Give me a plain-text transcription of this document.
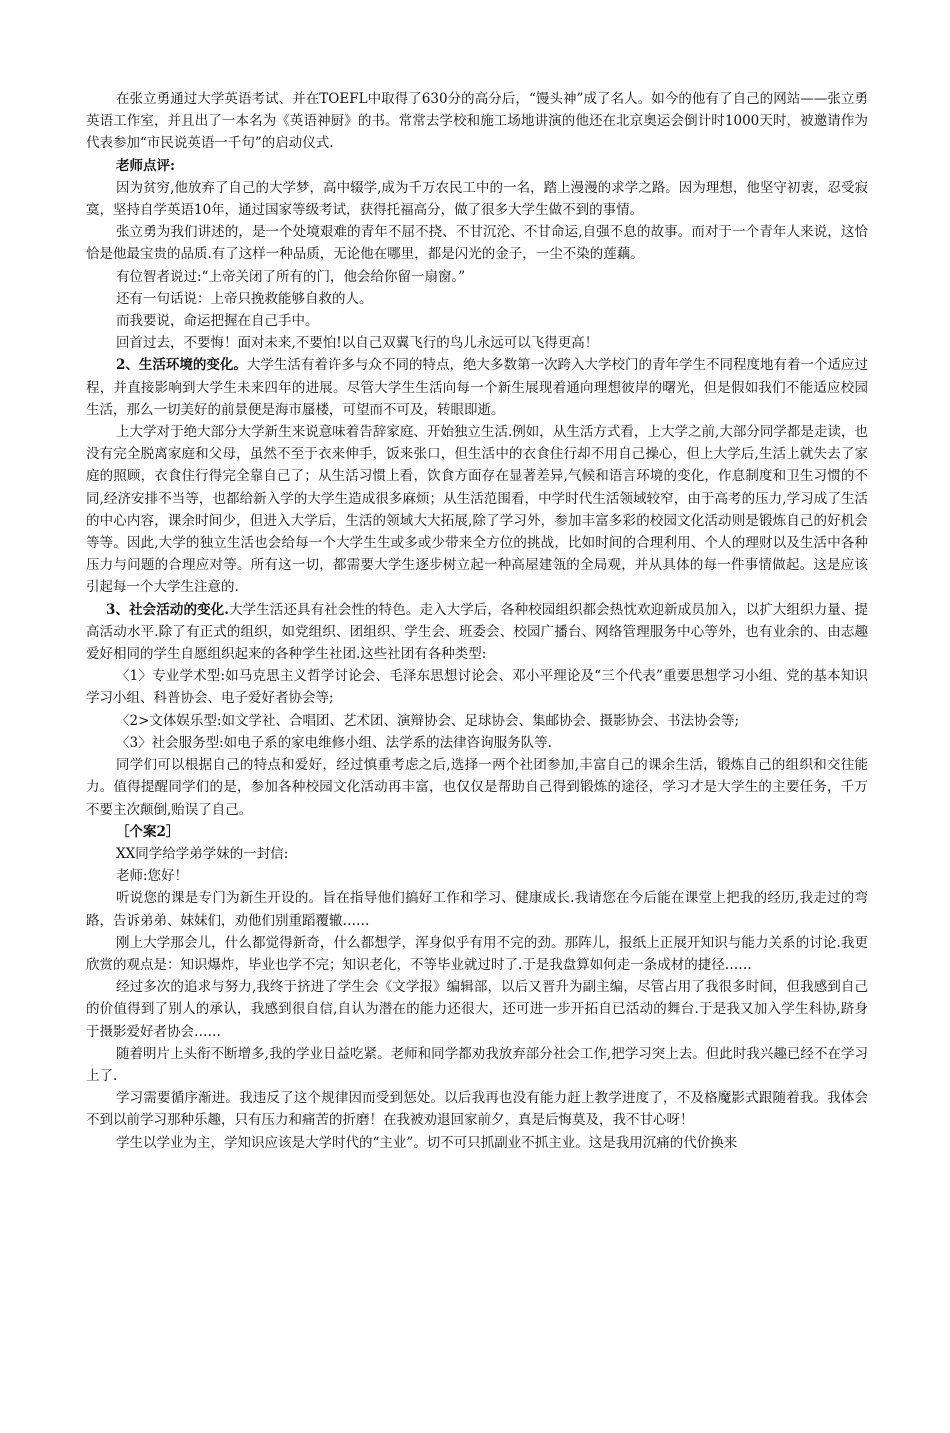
在张立勇通过大学英语考试、并在TOEFL中取得了630分的高分后，“馒头神”成了名人。如今的他有了自己的网站——张立勇英语工作室，并且出了一本名为《英语神厨》的书。常常去学校和施工场地讲演的他还在北京奥运会倒计时1000天时，被邀请作为代表参加“市民说英语一千句”的启动仪式.

老师点评:

因为贫穷,他放弃了自己的大学梦，高中辍学,成为千万农民工中的一名，踏上漫漫的求学之路。因为理想，他坚守初衷，忍受寂寞，坚持自学英语10年，通过国家等级考试，获得托福高分，做了很多大学生做不到的事情。

张立勇为我们讲述的，是一个处境艰难的青年不屈不挠、不甘沉沦、不甘命运,自强不息的故事。而对于一个青年人来说，这恰恰是他最宝贵的品质.有了这样一种品质，无论他在哪里，都是闪光的金子，一尘不染的莲藕。

有位智者说过:“上帝关闭了所有的门，他会给你留一扇窗。”

还有一句话说：上帝只挽救能够自救的人。

而我要说，命运把握在自己手中。

回首过去，不要悔！面对未来,不要怕!以自己双翼飞行的鸟儿永远可以飞得更高！

2、生活环境的变化。大学生活有着许多与众不同的特点，绝大多数第一次跨入大学校门的青年学生不同程度地有着一个适应过程，并直接影响到大学生未来四年的进展。尽管大学生生活向每一个新生展现着通向理想彼岸的曙光，但是假如我们不能适应校园生活，那么一切美好的前景便是海市蜃楼，可望而不可及，转眼即逝。

上大学对于绝大部分大学新生来说意味着告辞家庭、开始独立生活.例如，从生活方式看，上大学之前,大部分同学都是走读，也没有完全脱离家庭和父母，虽然不至于衣来伸手，饭来张口，但生活中的衣食住行却不用自己操心，但上大学后,生活上就失去了家庭的照顾，衣食住行得完全靠自己了；从生活习惯上看，饮食方面存在显著差异,气候和语言环境的变化，作息制度和卫生习惯的不同,经济安排不当等，也都给新入学的大学生造成很多麻烦；从生活范围看，中学时代生活领域较窄，由于高考的压力,学习成了生活的中心内容，课余时间少，但进入大学后，生活的领域大大拓展,除了学习外，参加丰富多彩的校园文化活动则是锻炼自己的好机会等等。因此,大学的独立生活也会给每一个大学生生或多或少带来全方位的挑战，比如时间的合理利用、个人的理财以及生活中各种压力与问题的合理应对等。所有这一切，都需要大学生逐步树立起一种高屋建瓴的全局观，并从具体的每一件事情做起。这是应该引起每一个大学生注意的.

3、社会活动的变化.大学生活还具有社会性的特色。走入大学后，各种校园组织都会热忱欢迎新成员加入，以扩大组织力量、提高活动水平.除了有正式的组织，如党组织、团组织、学生会、班委会、校园广播台、网络管理服务中心等外，也有业余的、由志趣爱好相同的学生自愿组织起来的各种学生社团.这些社团有各种类型:

〈1〉专业学术型:如马克思主义哲学讨论会、毛泽东思想讨论会、邓小平理论及“三个代表”重要思想学习小组、党的基本知识学习小组、科普协会、电子爱好者协会等;

〈2>文体娱乐型:如文学社、合唱团、艺术团、演辩协会、足球协会、集邮协会、摄影协会、书法协会等;

〈3〉社会服务型:如电子系的家电维修小组、法学系的法律咨询服务队等.

同学们可以根据自己的特点和爱好，经过慎重考虑之后,选择一两个社团参加,丰富自己的课余生活，锻炼自己的组织和交往能力。值得提醒同学们的是，参加各种校园文化活动再丰富，也仅仅是帮助自己得到锻炼的途径，学习才是大学生的主要任务，千万不要主次颠倒,贻误了自己。

［个案2］

XX同学给学弟学妹的一封信:

老师:您好！

听说您的课是专门为新生开设的。旨在指导他们搞好工作和学习、健康成长.我请您在今后能在课堂上把我的经历,我走过的弯路，告诉弟弟、妹妹们，劝他们别重蹈覆辙……

刚上大学那会儿，什么都觉得新奇，什么都想学，浑身似乎有用不完的劲。那阵儿，报纸上正展开知识与能力关系的讨论.我更欣赏的观点是：知识爆炸，毕业也学不完；知识老化，不等毕业就过时了.于是我盘算如何走一条成材的捷径……

经过多次的追求与努力,我终于挤进了学生会《文学报》编辑部，以后又晋升为副主编，尽管占用了我很多时间，但我感到自己的价值得到了别人的承认，我感到很自信,自认为潜在的能力还很大，还可进一步开拓自已活动的舞台.于是我又加入学生科协,跻身于摄影爱好者协会……

随着明片上头衔不断增多,我的学业日益吃紧。老师和同学都劝我放弃部分社会工作,把学习突上去。但此时我兴趣已经不在学习上了.

学习需要循序渐进。我违反了这个规律因而受到惩处。以后我再也没有能力赶上教学进度了，不及格魔影式跟随着我。我体会不到以前学习那种乐趣，只有压力和痛苦的折磨！在我被劝退回家前夕，真是后悔莫及，我不甘心呀！

学生以学业为主，学知识应该是大学时代的“主业”。切不可只抓副业不抓主业。这是我用沉痛的代价换来
